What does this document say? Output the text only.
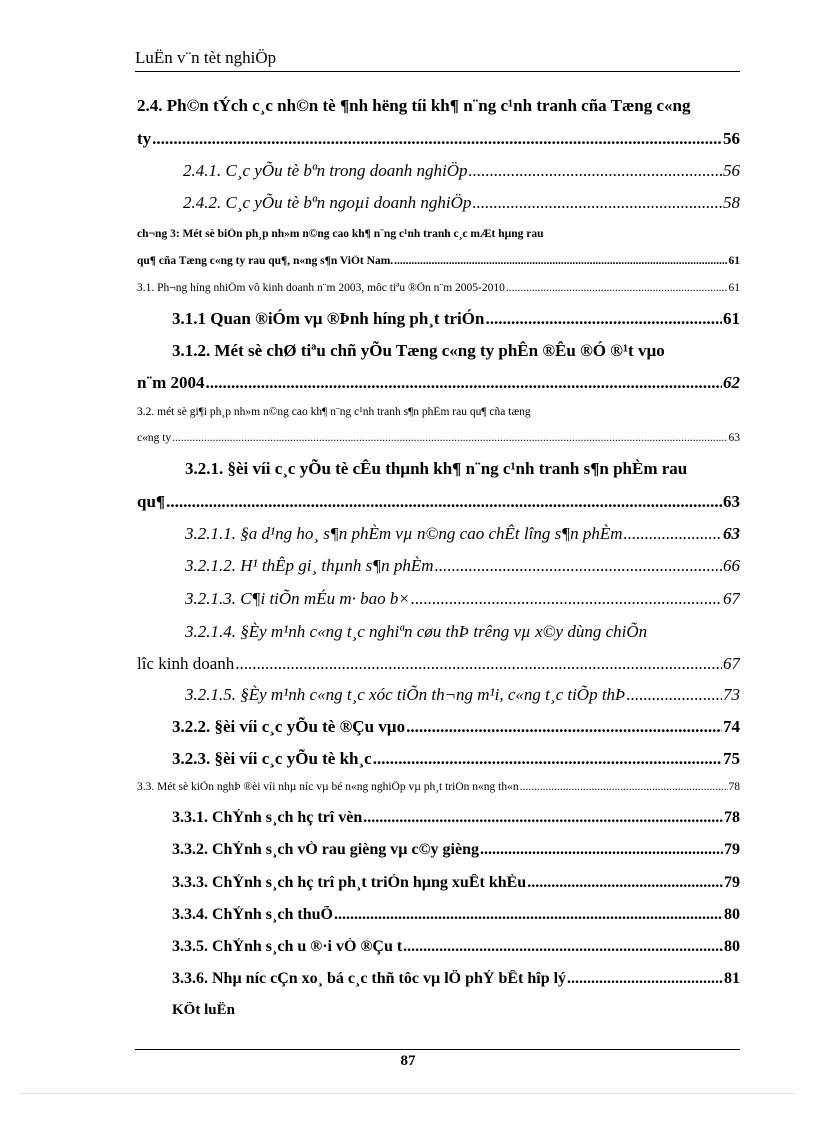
LuËn v¨n tèt nghiÖp
2.4. Ph©n tÝch c¸c nh©n tè ¶nh hëng tíi kh¶ n¨ng c¹nh tranh cña Tæng c«ng
ty .....	56
2.4.1. C¸c yÕu tè bªn trong doanh nghiÖp .....	56
2.4.2. C¸c yÕu tè bªn ngoµi doanh nghiÖp .....	58
ch¬ng 3: Mét sè biÖn ph¸p nh»m n©ng cao kh¶ n¨ng c¹nh tranh c¸c mÆt hµng rau
qu¶ cña Tæng c«ng ty rau qu¶, n«ng s¶n ViÖt Nam. .....	61
3.1. Ph¬ng híng nhiÖm vô kinh doanh n¨m 2003, môc tiªu ®Õn n¨m 2005-2010 .....	61
3.1.1 Quan ®iÓm vµ ®Þnh híng ph¸t triÓn .....	61
3.1.2. Mét sè chØ tiªu chñ yÕu Tæng c«ng ty phÊn ®Êu ®Ó ®¹t vµo
n¨m 2004 .....	62
3.2. mét sè gi¶i ph¸p nh»m n©ng cao kh¶ n¨ng c¹nh tranh s¶n phÈm rau qu¶ cña tæng
c«ng ty .....	63
3.2.1. §èi víi c¸c yÕu tè cÊu thµnh kh¶ n¨ng c¹nh tranh s¶n phÈm rau
qu¶ .....	63
3.2.1.1. §a d¹ng ho¸ s¶n phÈm vµ n©ng cao chÊt lîng s¶n phÈm .....	63
3.2.1.2. H¹ thÊp gi¸ thµnh s¶n phÈm .....	66
3.2.1.3. C¶i tiÕn mÉu m· bao b× .....	67
3.2.1.4. §Èy m¹nh c«ng t¸c nghiªn cøu thÞ trêng vµ x©y dùng chiÕn
lîc kinh doanh .....	67
3.2.1.5. §Èy m¹nh c«ng t¸c xóc tiÕn th¬ng m¹i, c«ng t¸c tiÕp thÞ .....	73
3.2.2. §èi víi c¸c yÕu tè ®Çu vµo .....	74
3.2.3. §èi víi c¸c yÕu tè kh¸c .....	75
3.3. Mét sè kiÕn nghÞ ®èi víi nhµ níc vµ bé n«ng nghiÖp vµ ph¸t triÓn n«ng th«n .....	78
3.3.1. ChÝnh s¸ch hç trî vèn .....	78
3.3.2. ChÝnh s¸ch vÒ rau gièng vµ c©y gièng .....	79
3.3.3. ChÝnh s¸ch hç trî ph¸t triÓn hµng xuÊt khÈu .....	79
3.3.4. ChÝnh s¸ch thuÕ .....	80
3.3.5. ChÝnh s¸ch u ®·i vÒ ®Çu t .....	80
3.3.6. Nhµ níc cÇn xo¸ bá c¸c thñ tôc vµ lÖ phÝ bÊt hîp lý .....	81
KÕt luËn
87
